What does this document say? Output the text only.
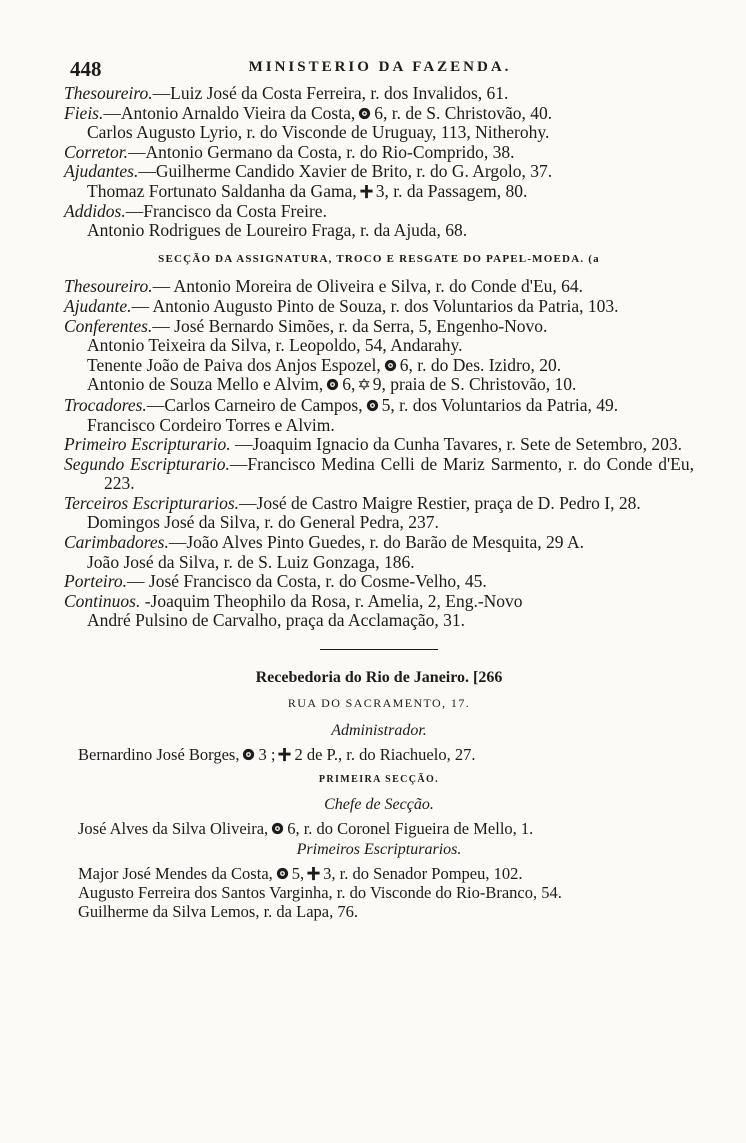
448	MINISTERIO DA FAZENDA.

Thesoureiro.—Luiz José da Costa Ferreira, r. dos Invalidos, 61.

Fieis.—Antonio Arnaldo Vieira da Costa, 6, r. de S. Christovão, 40.

Carlos Augusto Lyrio, r. do Visconde de Uruguay, 113, Nitherohy.

Corretor.—Antonio Germano da Costa, r. do Rio-Comprido, 38.

Ajudantes.—Guilherme Candido Xavier de Brito, r. do G. Argolo, 37.

Thomaz Fortunato Saldanha da Gama, 3, r. da Passagem, 80.

Addidos.—Francisco da Costa Freire.

Antonio Rodrigues de Loureiro Fraga, r. da Ajuda, 68.

SECÇÃO DA ASSIGNATURA, TROCO E RESGATE DO PAPEL-MOEDA. (a

Thesoureiro.— Antonio Moreira de Oliveira e Silva, r. do Conde d'Eu, 64.

Ajudante.— Antonio Augusto Pinto de Souza, r. dos Voluntarios da Patria, 103.

Conferentes.— José Bernardo Simões, r. da Serra, 5, Engenho-Novo.

Antonio Teixeira da Silva, r. Leopoldo, 54, Andarahy.

Tenente João de Paiva dos Anjos Espozel, 6, r. do Des. Izidro, 20.

Antonio de Souza Mello e Alvim, 6, ✡ 9, praia de S. Christovão, 10.

Trocadores.—Carlos Carneiro de Campos, 5, r. dos Voluntarios da Patria, 49.

Francisco Cordeiro Torres e Alvim.

Primeiro Escripturario. —Joaquim Ignacio da Cunha Tavares, r. Sete de Setembro, 203.

Segundo Escripturario.—Francisco Medina Celli de Mariz Sarmento, r. do Conde d'Eu, 223.

Terceiros Escripturarios.—José de Castro Maigre Restier, praça de D. Pedro I, 28.

Domingos José da Silva, r. do General Pedra, 237.

Carimbadores.—João Alves Pinto Guedes, r. do Barão de Mesquita, 29 A.

João José da Silva, r. de S. Luiz Gonzaga, 186.

Porteiro.— José Francisco da Costa, r. do Cosme-Velho, 45.

Continuos. -Joaquim Theophilo da Rosa, r. Amelia, 2, Eng.-Novo

André Pulsino de Carvalho, praça da Acclamação, 31.

Recebedoria do Rio de Janeiro. [266
RUA DO SACRAMENTO, 17.
Administrador.

Bernardino José Borges, 3 ; 2 de P., r. do Riachuelo, 27.

PRIMEIRA SECÇÃO.
Chefe de Secção.

José Alves da Silva Oliveira, 6, r. do Coronel Figueira de Mello, 1.

Primeiros Escripturarios.

Major José Mendes da Costa, 5, 3, r. do Senador Pompeu, 102.

Augusto Ferreira dos Santos Varginha, r. do Visconde do Rio-Branco, 54.

Guilherme da Silva Lemos, r. da Lapa, 76.
